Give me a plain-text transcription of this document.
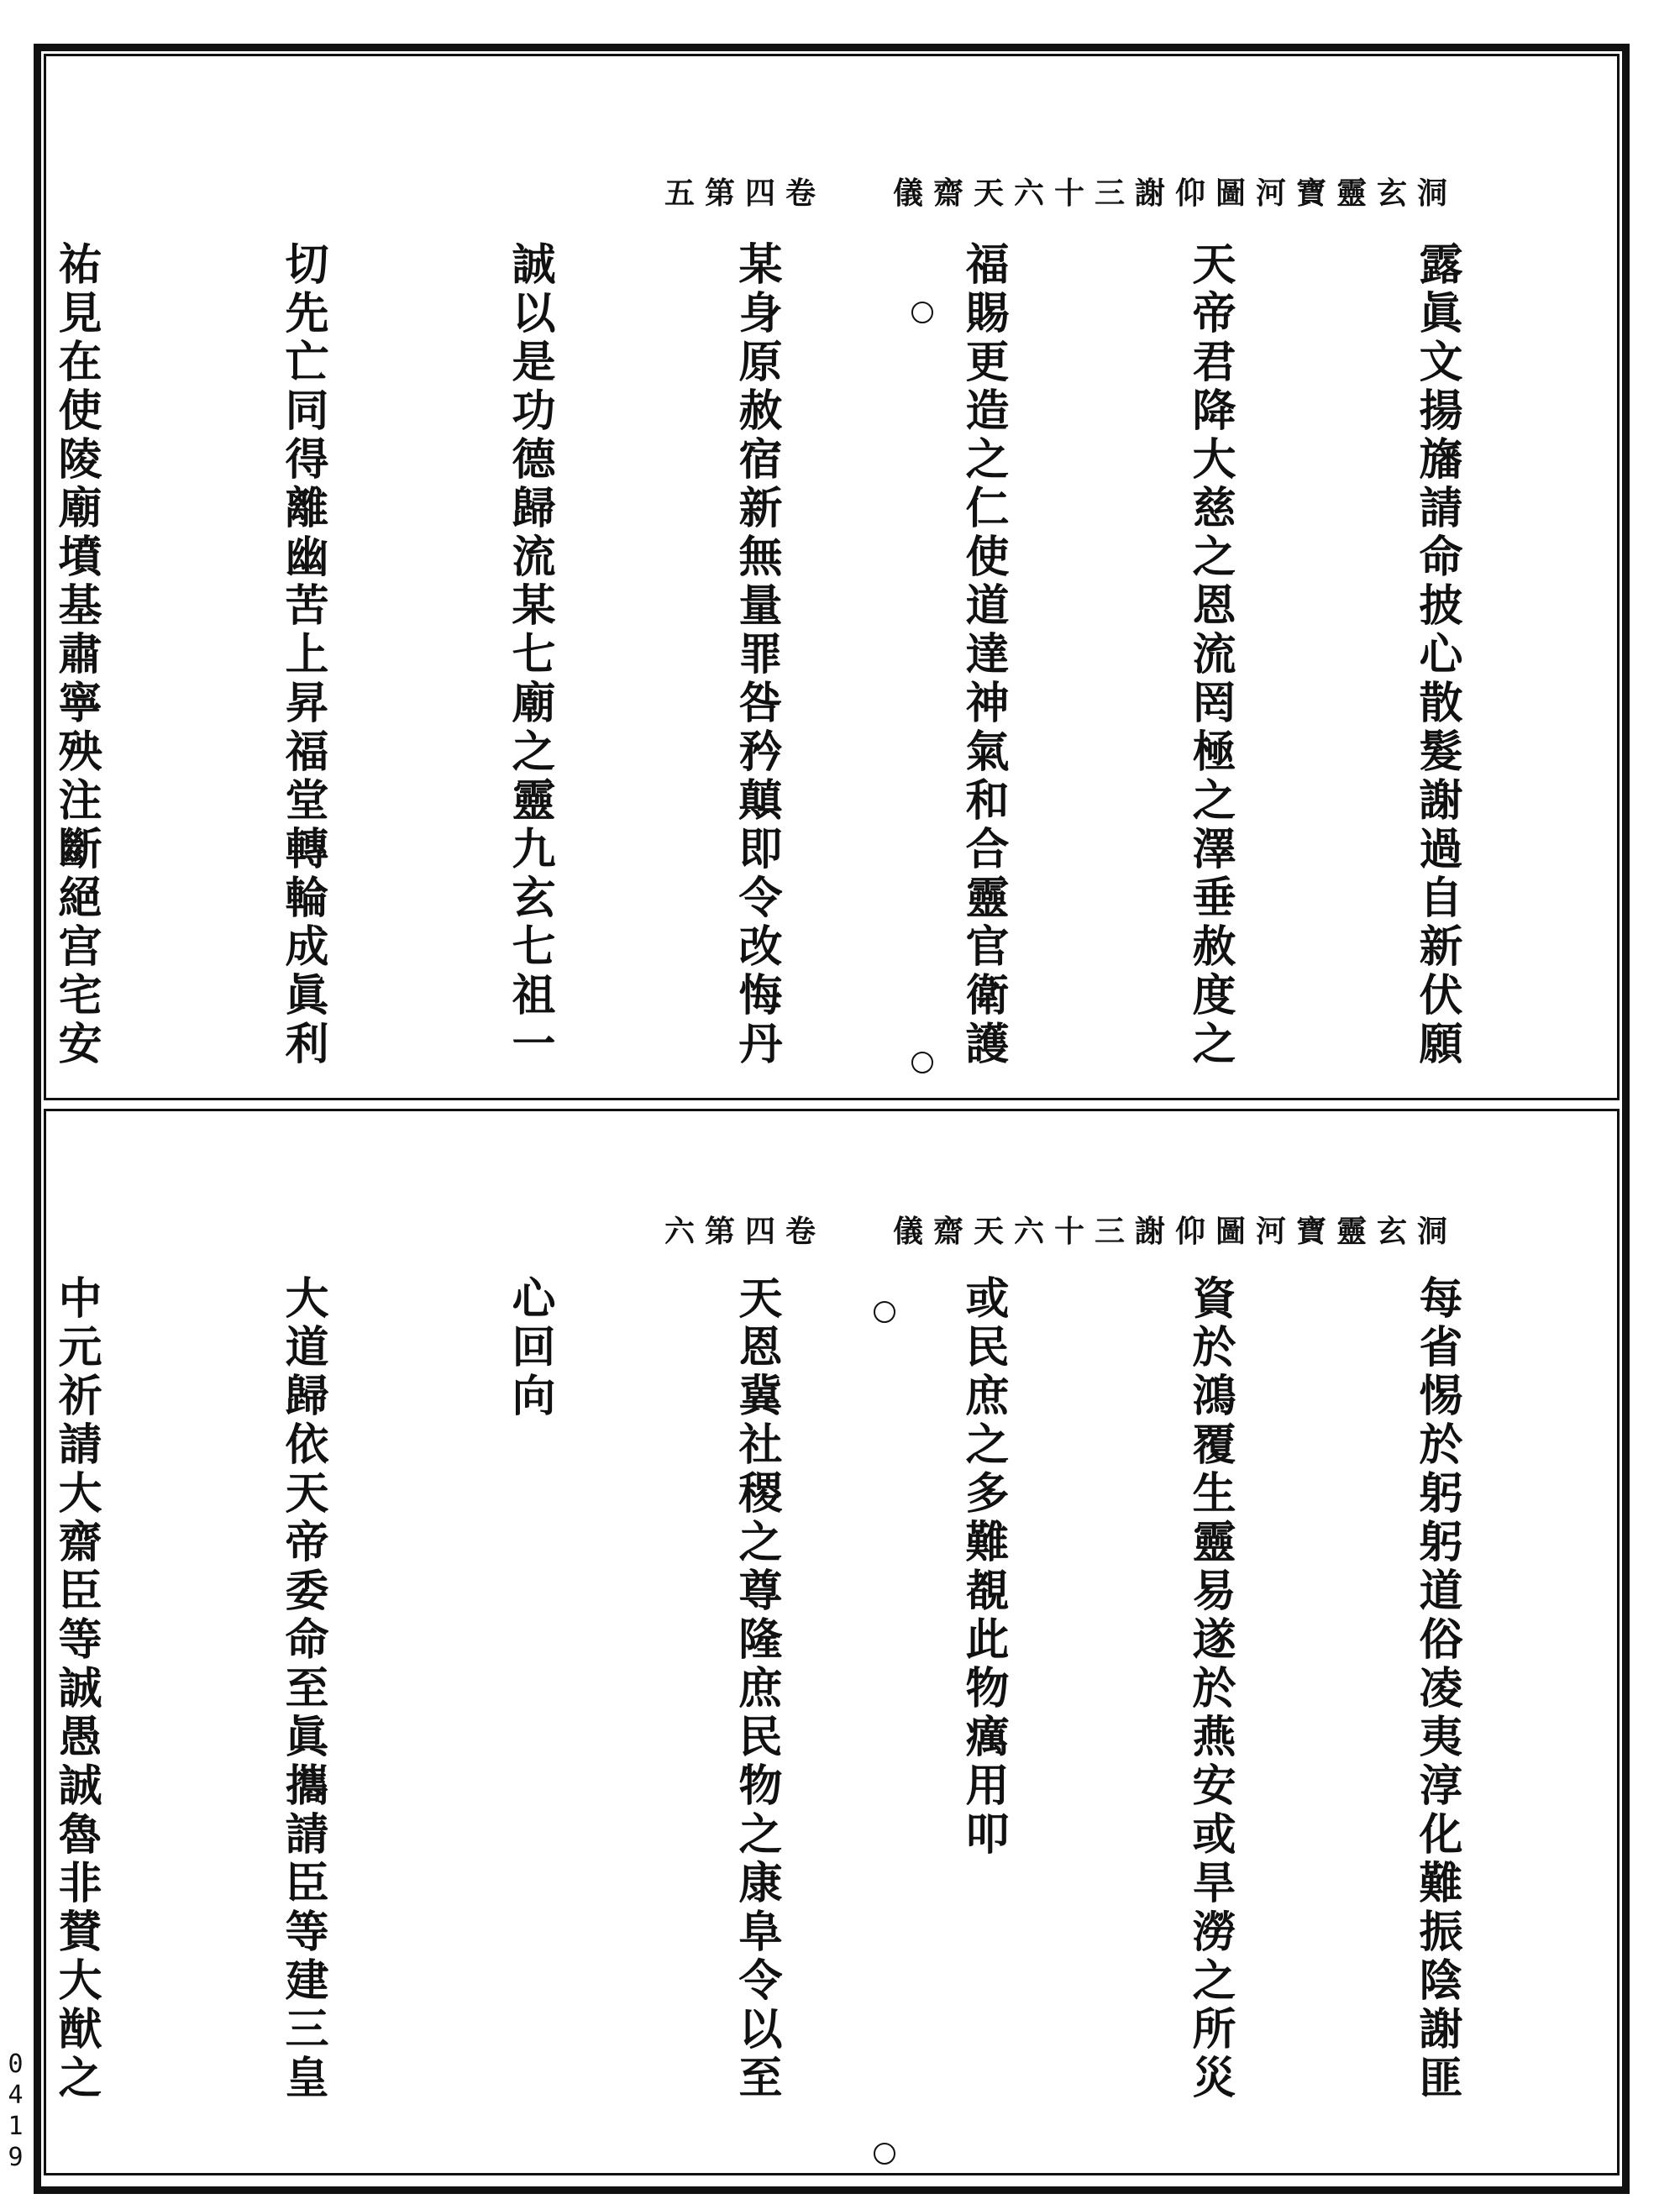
洞玄靈寶河圖仰謝三十六天齋儀
卷四第五

露眞文揚旛請命披心散髮謝過自新伏願

天帝君降大慈之恩流罔極之澤垂赦度之

福賜更造之仁使道達神氣和合靈官衛護

某身原赦宿新無量罪咎矜㒹即令改悔丹

誠以是功德歸流某七廟之靈九玄七祖一

切先亡同得離幽苦上昇福堂轉輪成眞利

祐見在使陵廟墳基肅寧殃注斷絕宫宅安

洞玄靈寶河圖仰謝三十六天齋儀
卷四第六

每省惕於躬躬道俗凌夷淳化難振陰謝匪

資於鴻覆生靈易遂於燕安或旱澇之所災

或民庶之多難覩此物癘用叩

天恩冀社稷之尊隆庶民物之康阜令以至

心回向

大道歸依天帝委命至眞攜請臣等建三皇

中元祈請大齋臣等誠愚誠魯非賛大猷之

0419
